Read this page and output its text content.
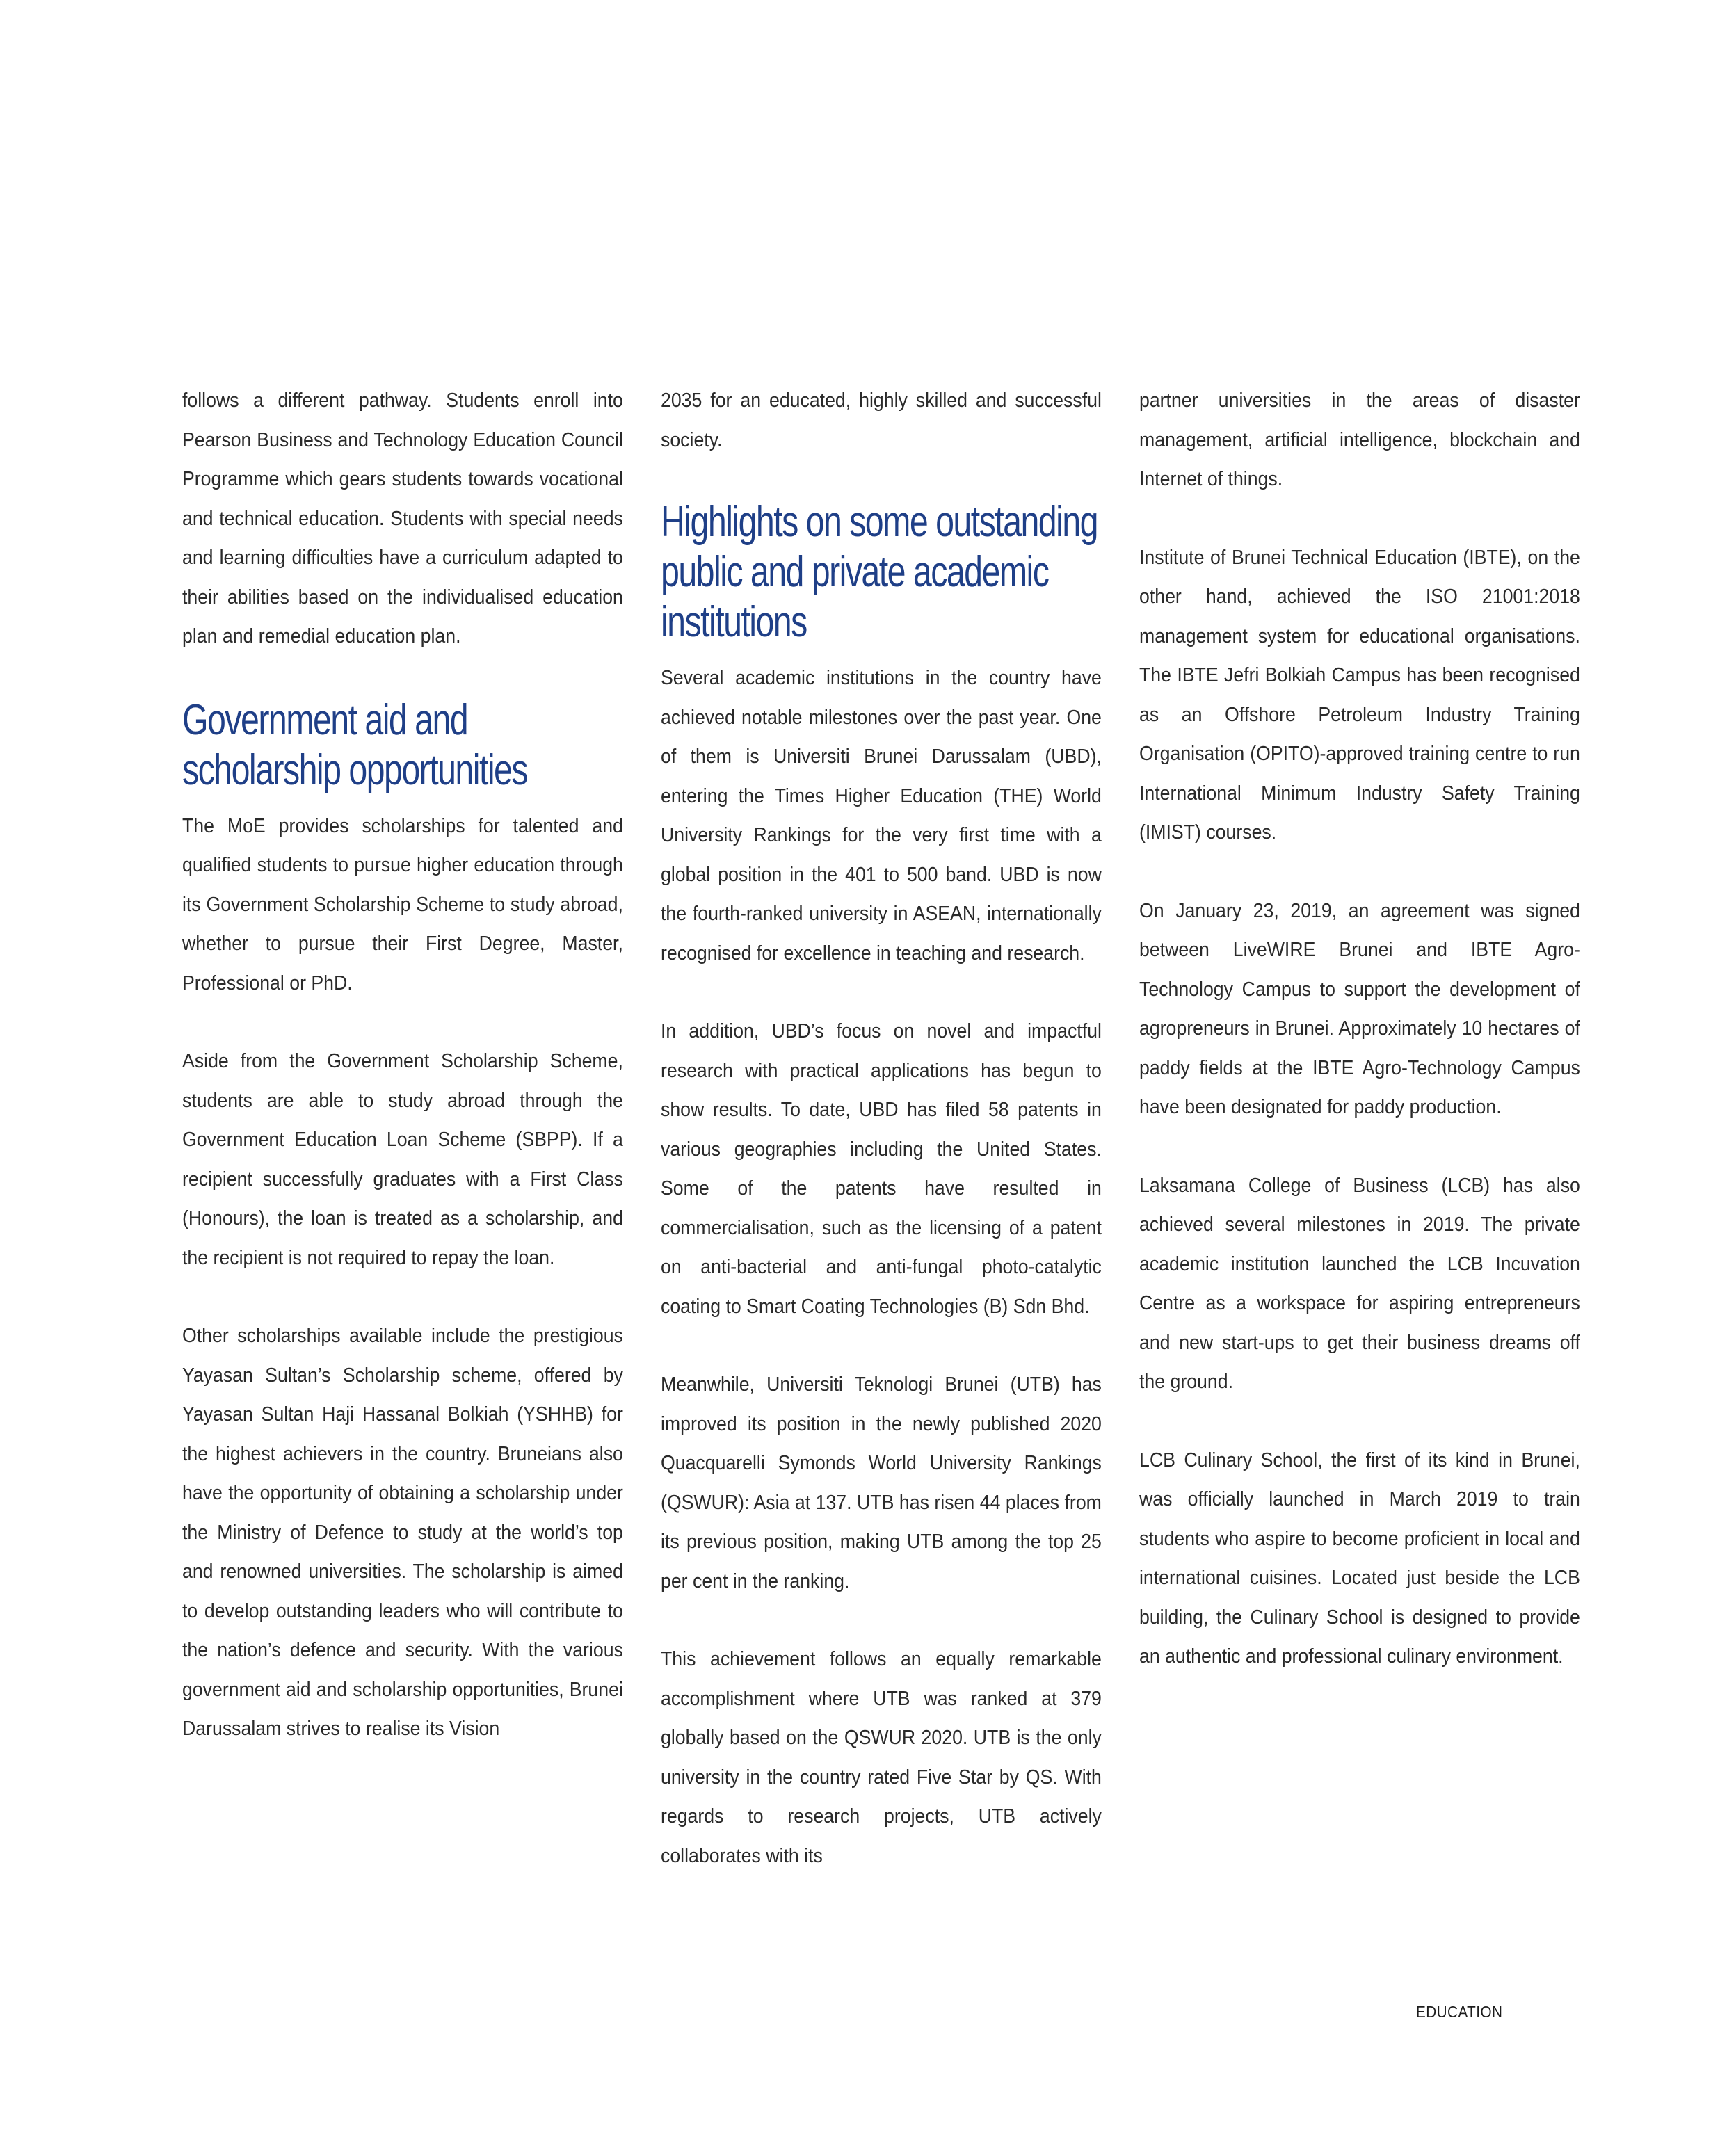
follows a different pathway. Students enroll into Pearson Business and Technology Education Council Programme which gears students towards vocational and technical education. Students with special needs and learning difficulties have a curriculum adapted to their abilities based on the individualised education plan and remedial education plan.

Government aid and scholarship opportunities

The MoE provides scholarships for talented and qualified students to pursue higher education through its Government Scholarship Scheme to study abroad, whether to pursue their First Degree, Master, Professional or PhD.

Aside from the Government Scholarship Scheme, students are able to study abroad through the Government Education Loan Scheme (SBPP). If a recipient successfully graduates with a First Class (Honours), the loan is treated as a scholarship, and the recipient is not required to repay the loan.

Other scholarships available include the prestigious Yayasan Sultan’s Scholarship scheme, offered by Yayasan Sultan Haji Hassanal Bolkiah (YSHHB) for the highest achievers in the country. Bruneians also have the opportunity of obtaining a scholarship under the Ministry of Defence to study at the world’s top and renowned universities. The scholarship is aimed to develop outstanding leaders who will contribute to the nation’s defence and security. With the various government aid and scholarship opportunities, Brunei Darussalam strives to realise its Vision

2035 for an educated, highly skilled and successful society.

Highlights on some outstanding public and private academic institutions

Several academic institutions in the country have achieved notable milestones over the past year. One of them is Universiti Brunei Darussalam (UBD), entering the Times Higher Education (THE) World University Rankings for the very first time with a global position in the 401 to 500 band. UBD is now the fourth-ranked university in ASEAN, internationally recognised for excellence in teaching and research.

In addition, UBD’s focus on novel and impactful research with practical applications has begun to show results. To date, UBD has filed 58 patents in various geographies including the United States. Some of the patents have resulted in commercialisation, such as the licensing of a patent on anti-bacterial and anti-fungal photo-catalytic coating to Smart Coating Technologies (B) Sdn Bhd.

Meanwhile, Universiti Teknologi Brunei (UTB) has improved its position in the newly published 2020 Quacquarelli Symonds World University Rankings (QSWUR): Asia at 137. UTB has risen 44 places from its previous position, making UTB among the top 25 per cent in the ranking.

This achievement follows an equally remarkable accomplishment where UTB was ranked at 379 globally based on the QSWUR 2020. UTB is the only university in the country rated Five Star by QS. With regards to research projects, UTB actively collaborates with its

partner universities in the areas of disaster management, artificial intelligence, blockchain and Internet of things.

Institute of Brunei Technical Education (IBTE), on the other hand, achieved the ISO 21001:2018 management system for educational organisations. The IBTE Jefri Bolkiah Campus has been recognised as an Offshore Petroleum Industry Training Organisation (OPITO)-approved training centre to run International Minimum Industry Safety Training (IMIST) courses.

On January 23, 2019, an agreement was signed between LiveWIRE Brunei and IBTE Agro-Technology Campus to support the development of agropreneurs in Brunei. Approximately 10 hectares of paddy fields at the IBTE Agro-Technology Campus have been designated for paddy production.

Laksamana College of Business (LCB) has also achieved several milestones in 2019. The private academic institution launched the LCB Incuvation Centre as a workspace for aspiring entrepreneurs and new start-ups to get their business dreams off the ground.

LCB Culinary School, the first of its kind in Brunei, was officially launched in March 2019 to train students who aspire to become proficient in local and international cuisines. Located just beside the LCB building, the Culinary School is designed to provide an authentic and professional culinary environment.

EDUCATION
